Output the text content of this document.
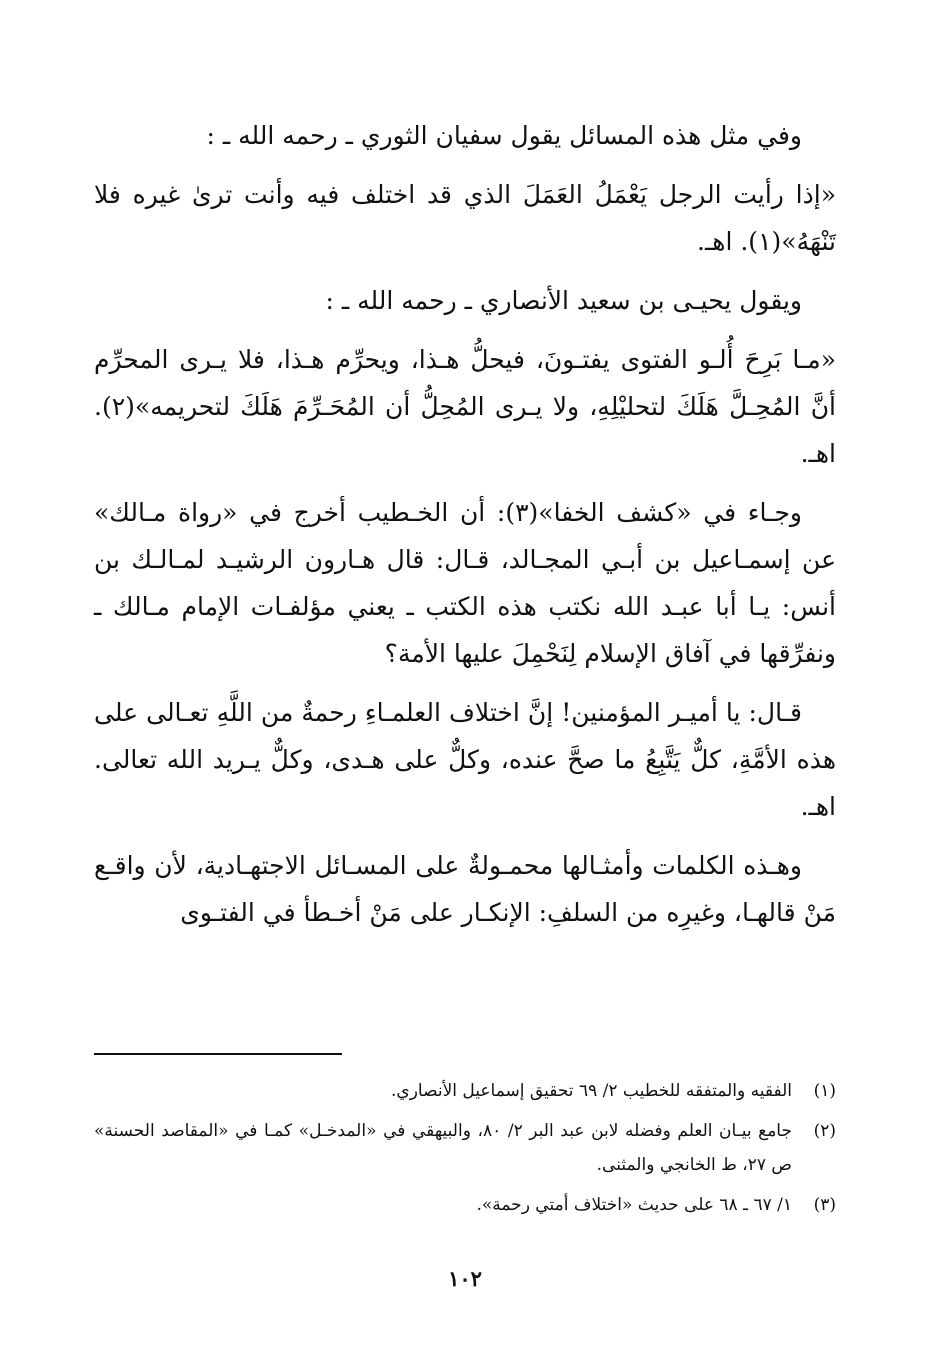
وفي مثل هذه المسائل يقول سفيان الثوري ـ رحمه الله ـ :

«إذا رأيت الرجل يَعْمَلُ العَمَلَ الذي قد اختلف فيه وأنت ترىٰ غيره فلا تَنْهَهُ»(١). اهـ.

ويقول يحيـى بن سعيد الأنصاري ـ رحمه الله ـ :

«مـا بَرِحَ أُلـو الفتوى يفتـونَ، فيحلُّ هـذا، ويحرِّم هـذا، فلا يـرى المحرِّم أنَّ المُحِـلَّ هَلَكَ لتحليْلِهِ، ولا يـرى المُحِلُّ أن المُحَـرِّمَ هَلَكَ لتحريمه»(٢). اهـ.

وجـاء في «كشف الخفا»(٣): أن الخـطيب أخرج في «رواة مـالك» عن إسمـاعيل بن أبـي المجـالد، قـال: قال هـارون الرشيـد لمـالـك بن أنس: يـا أبا عبـد الله نكتب هذه الكتب ـ يعني مؤلفـات الإمام مـالك ـ ونفرِّقها في آفاق الإسلام لِنَحْمِلَ عليها الأمة؟

قـال: يا أميـر المؤمنين! إنَّ اختلاف العلمـاءِ رحمةٌ من اللَّهِ تعـالى على هذه الأمَّةِ، كلٌّ يَتَّبِعُ ما صحَّ عنده، وكلٌّ على هـدى، وكلٌّ يـريد الله تعالى. اهـ.

وهـذه الكلمات وأمثـالها محمـولةٌ على المسـائل الاجتهـادية، لأن واقـع مَنْ قالهـا، وغيرِه من السلفِ: الإنكـار على مَنْ أخـطأ في الفتـوى

(١)
الفقيه والمتفقه للخطيب ٢/ ٦٩ تحقيق إسماعيل الأنصاري.
(٢)
جامع بيـان العلم وفضله لابن عبد البر ٢/ ٨٠، والبيهقي في «المدخـل» كمـا في «المقاصد الحسنة» ص ٢٧، ط الخانجي والمثنى.
(٣)
١/ ٦٧ ـ ٦٨ على حديث «اختلاف أمتي رحمة».
١٠٢
